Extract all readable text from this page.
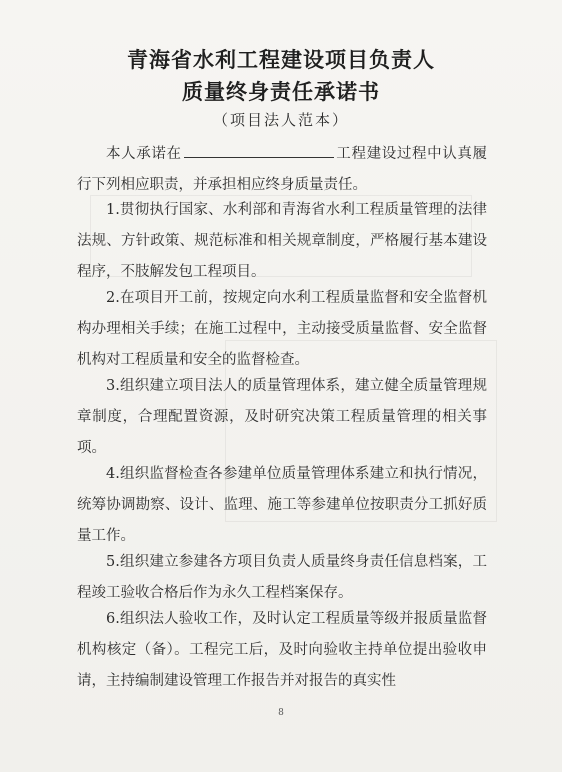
青海省水利工程建设项目负责人
质量终身责任承诺书
（项目法人范本）
本人承诺在	工程建设过程中认真履行下列相应职责，并承担相应终身质量责任。
1.贯彻执行国家、水利部和青海省水利工程质量管理的法律法规、方针政策、规范标准和相关规章制度，严格履行基本建设程序，不肢解发包工程项目。
2.在项目开工前，按规定向水利工程质量监督和安全监督机构办理相关手续；在施工过程中，主动接受质量监督、安全监督机构对工程质量和安全的监督检查。
3.组织建立项目法人的质量管理体系，建立健全质量管理规章制度，合理配置资源，及时研究决策工程质量管理的相关事项。
4.组织监督检查各参建单位质量管理体系建立和执行情况，统筹协调勘察、设计、监理、施工等参建单位按职责分工抓好质量工作。
5.组织建立参建各方项目负责人质量终身责任信息档案，工程竣工验收合格后作为永久工程档案保存。
6.组织法人验收工作，及时认定工程质量等级并报质量监督机构核定（备）。工程完工后，及时向验收主持单位提出验收申请，主持编制建设管理工作报告并对报告的真实性
8
